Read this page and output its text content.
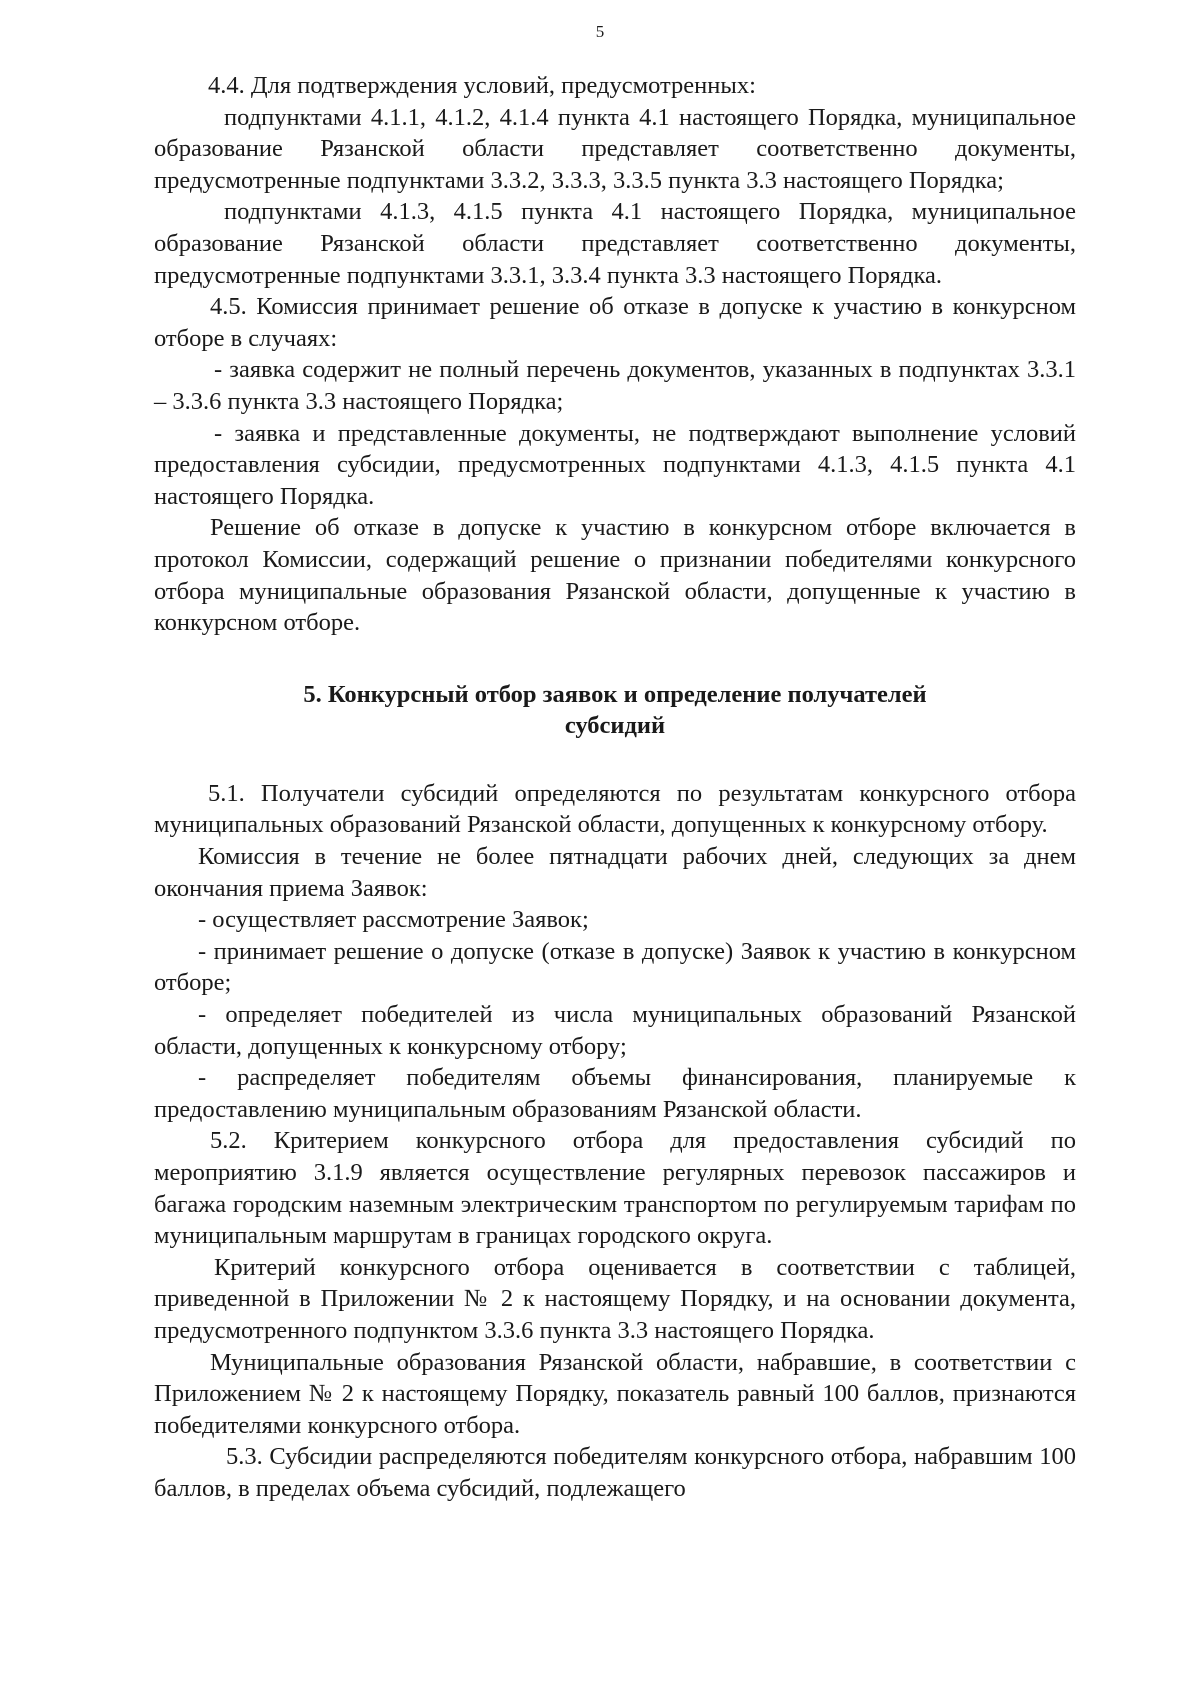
5

4.4. Для подтверждения условий, предусмотренных:

подпунктами 4.1.1, 4.1.2, 4.1.4 пункта 4.1 настоящего Порядка, муниципальное образование Рязанской области представляет соответственно документы, предусмотренные подпунктами 3.3.2, 3.3.3, 3.3.5 пункта 3.3 настоящего Порядка;

подпунктами 4.1.3, 4.1.5 пункта 4.1 настоящего Порядка, муниципальное образование Рязанской области представляет соответственно документы, предусмотренные подпунктами 3.3.1, 3.3.4 пункта 3.3 настоящего Порядка.

4.5. Комиссия принимает решение об отказе в допуске к участию в конкурсном отборе в случаях:

- заявка содержит не полный перечень документов, указанных в подпунктах 3.3.1 – 3.3.6 пункта 3.3 настоящего Порядка;

- заявка и представленные документы, не подтверждают выполнение условий предоставления субсидии, предусмотренных подпунктами 4.1.3, 4.1.5 пункта 4.1 настоящего Порядка.

Решение об отказе в допуске к участию в конкурсном отборе включается в протокол Комиссии, содержащий решение о признании победителями конкурсного отбора муниципальные образования Рязанской области, допущенные к участию в конкурсном отборе.

5. Конкурсный отбор заявок и определение получателей
субсидий

5.1. Получатели субсидий определяются по результатам конкурсного отбора муниципальных образований Рязанской области, допущенных к конкурсному отбору.

Комиссия в течение не более пятнадцати рабочих дней, следующих за днем окончания приема Заявок:

- осуществляет рассмотрение Заявок;

- принимает решение о допуске (отказе в допуске) Заявок к участию в конкурсном отборе;

- определяет победителей из числа муниципальных образований Рязанской области, допущенных к конкурсному отбору;

- распределяет победителям объемы финансирования, планируемые к предоставлению муниципальным образованиям Рязанской области.

5.2. Критерием конкурсного отбора для предоставления субсидий по мероприятию 3.1.9 является осуществление регулярных перевозок пассажиров и багажа городским наземным электрическим транспортом по регулируемым тарифам по муниципальным маршрутам в границах городского округа.

Критерий конкурсного отбора оценивается в соответствии с таблицей, приведенной в Приложении № 2 к настоящему Порядку, и на основании документа, предусмотренного подпунктом 3.3.6 пункта 3.3 настоящего Порядка.

Муниципальные образования Рязанской области, набравшие, в соответствии с Приложением № 2 к настоящему Порядку, показатель равный 100 баллов, признаются победителями конкурсного отбора.

5.3. Субсидии распределяются победителям конкурсного отбора, набравшим 100 баллов, в пределах объема субсидий, подлежащего
